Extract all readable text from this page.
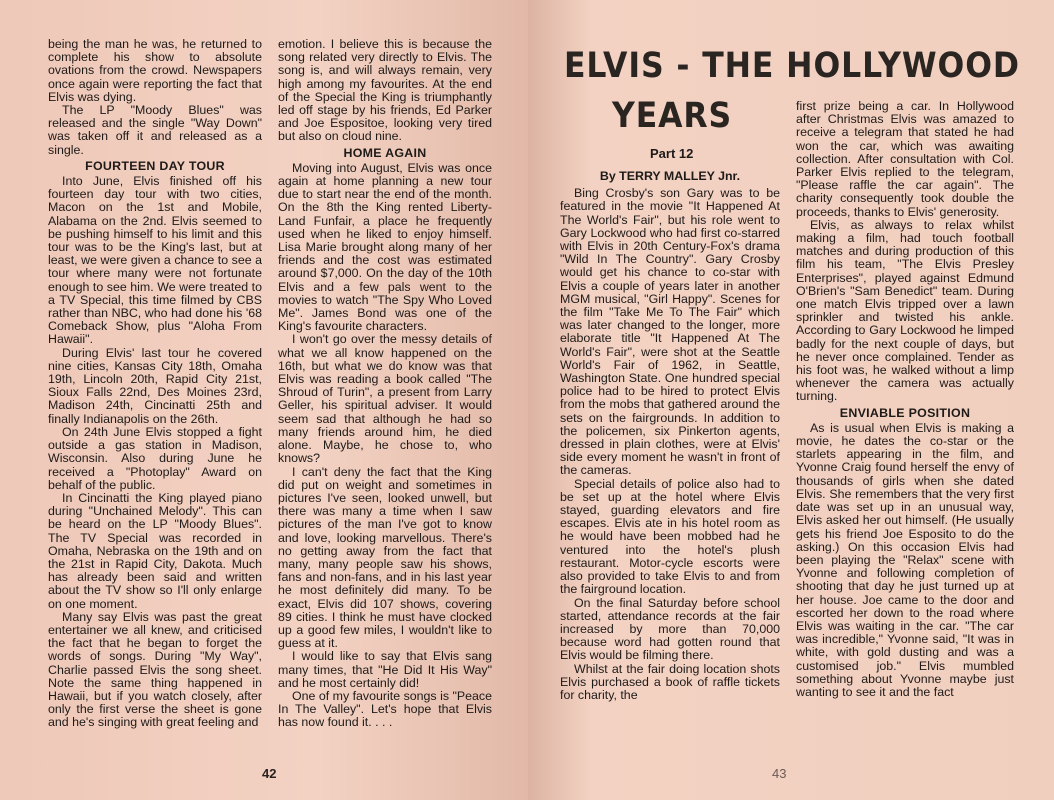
being the man he was, he returned to complete his show to absolute ovations from the crowd. Newspapers once again were reporting the fact that Elvis was dying.

The LP "Moody Blues" was released and the single "Way Down" was taken off it and released as a single.

FOURTEEN DAY TOUR

Into June, Elvis finished off his fourteen day tour with two cities, Macon on the 1st and Mobile, Alabama on the 2nd. Elvis seemed to be pushing himself to his limit and this tour was to be the King's last, but at least, we were given a chance to see a tour where many were not fortunate enough to see him. We were treated to a TV Special, this time filmed by CBS rather than NBC, who had done his '68 Comeback Show, plus "Aloha From Hawaii".

During Elvis' last tour he covered nine cities, Kansas City 18th, Omaha 19th, Lincoln 20th, Rapid City 21st, Sioux Falls 22nd, Des Moines 23rd, Madison 24th, Cincinatti 25th and finally Indianapolis on the 26th.

On 24th June Elvis stopped a fight outside a gas station in Madison, Wisconsin. Also during June he received a "Photoplay" Award on behalf of the public.

In Cincinatti the King played piano during "Unchained Melody". This can be heard on the LP "Moody Blues". The TV Special was recorded in Omaha, Nebraska on the 19th and on the 21st in Rapid City, Dakota. Much has already been said and written about the TV show so I'll only enlarge on one moment.

Many say Elvis was past the great entertainer we all knew, and criticised the fact that he began to forget the words of songs. During "My Way", Charlie passed Elvis the song sheet. Note the same thing happened in Hawaii, but if you watch closely, after only the first verse the sheet is gone and he's singing with great feeling and

emotion. I believe this is because the song related very directly to Elvis. The song is, and will always remain, very high among my favourites. At the end of the Special the King is triumphantly led off stage by his friends, Ed Parker and Joe Espositoe, looking very tired but also on cloud nine.

HOME AGAIN

Moving into August, Elvis was once again at home planning a new tour due to start near the end of the month. On the 8th the King rented Liberty-Land Funfair, a place he frequently used when he liked to enjoy himself. Lisa Marie brought along many of her friends and the cost was estimated around $7,000. On the day of the 10th Elvis and a few pals went to the movies to watch "The Spy Who Loved Me". James Bond was one of the King's favourite characters.

I won't go over the messy details of what we all know happened on the 16th, but what we do know was that Elvis was reading a book called "The Shroud of Turin", a present from Larry Geller, his spiritual adviser. It would seem sad that although he had so many friends around him, he died alone. Maybe, he chose to, who knows?

I can't deny the fact that the King did put on weight and sometimes in pictures I've seen, looked unwell, but there was many a time when I saw pictures of the man I've got to know and love, looking marvellous. There's no getting away from the fact that many, many people saw his shows, fans and non-fans, and in his last year he most definitely did many. To be exact, Elvis did 107 shows, covering 89 cities. I think he must have clocked up a good few miles, I wouldn't like to guess at it.

I would like to say that Elvis sang many times, that "He Did It His Way" and he most certainly did!

One of my favourite songs is "Peace In The Valley". Let's hope that Elvis has now found it. . . .

42
ELVIS - THE HOLLYWOOD
YEARS
Part 12
By TERRY MALLEY Jnr.

Bing Crosby's son Gary was to be featured in the movie "It Happened At The World's Fair", but his role went to Gary Lockwood who had first co-starred with Elvis in 20th Century-Fox's drama "Wild In The Country". Gary Crosby would get his chance to co-star with Elvis a couple of years later in another MGM musical, "Girl Happy". Scenes for the film "Take Me To The Fair" which was later changed to the longer, more elaborate title "It Happened At The World's Fair", were shot at the Seattle World's Fair of 1962, in Seattle, Washington State. One hundred special police had to be hired to protect Elvis from the mobs that gathered around the sets on the fairgrounds. In addition to the policemen, six Pinkerton agents, dressed in plain clothes, were at Elvis' side every moment he wasn't in front of the cameras.

Special details of police also had to be set up at the hotel where Elvis stayed, guarding elevators and fire escapes. Elvis ate in his hotel room as he would have been mobbed had he ventured into the hotel's plush restaurant. Motor-cycle escorts were also provided to take Elvis to and from the fairground location.

On the final Saturday before school started, attendance records at the fair increased by more than 70,000 because word had gotten round that Elvis would be filming there.

Whilst at the fair doing location shots Elvis purchased a book of raffle tickets for charity, the

first prize being a car. In Hollywood after Christmas Elvis was amazed to receive a telegram that stated he had won the car, which was awaiting collection. After consultation with Col. Parker Elvis replied to the telegram, "Please raffle the car again". The charity consequently took double the proceeds, thanks to Elvis' generosity.

Elvis, as always to relax whilst making a film, had touch football matches and during production of this film his team, "The Elvis Presley Enterprises", played against Edmund O'Brien's "Sam Benedict" team. During one match Elvis tripped over a lawn sprinkler and twisted his ankle. According to Gary Lockwood he limped badly for the next couple of days, but he never once complained. Tender as his foot was, he walked without a limp whenever the camera was actually turning.

ENVIABLE POSITION

As is usual when Elvis is making a movie, he dates the co-star or the starlets appearing in the film, and Yvonne Craig found herself the envy of thousands of girls when she dated Elvis. She remembers that the very first date was set up in an unusual way, Elvis asked her out himself. (He usually gets his friend Joe Esposito to do the asking.) On this occasion Elvis had been playing the "Relax" scene with Yvonne and following completion of shooting that day he just turned up at her house. Joe came to the door and escorted her down to the road where Elvis was waiting in the car. "The car was incredible," Yvonne said, "It was in white, with gold dusting and was a customised job." Elvis mumbled something about Yvonne maybe just wanting to see it and the fact

43
